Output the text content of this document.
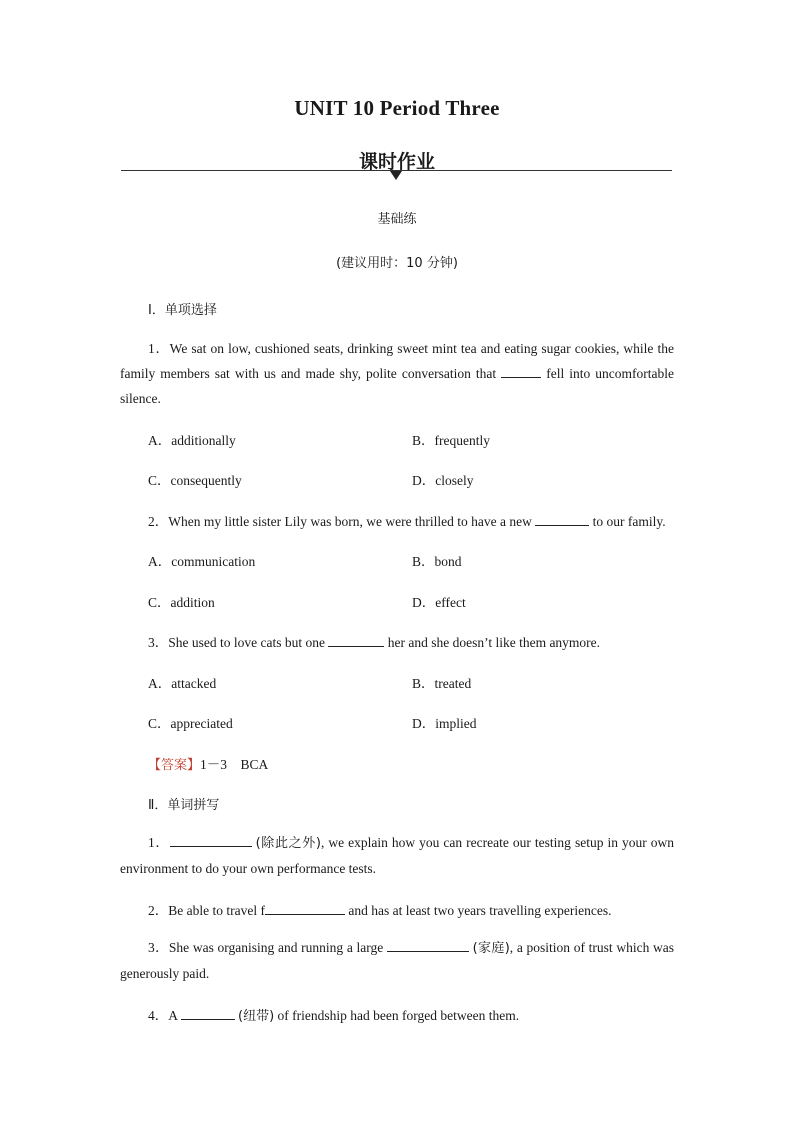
UNIT 10 Period Three
课时作业
基础练
(建议用时：10 分钟)
Ⅰ．单项选择
1．We sat on low, cushioned seats, drinking sweet mint tea and eating sugar cookies, while the family members sat with us and made shy, polite conversation that	fell into uncomfortable silence.
A．additionally	B．frequently
C．consequently	D．closely
2．When my little sister Lily was born, we were thrilled to have a new	to our family.
A．communication	B．bond
C．addition	D．effect
3．She used to love cats but one	her and she doesn’t like them anymore.
A．attacked	B．treated
C．appreciated	D．implied
【答案】1－3　BCA
Ⅱ．单词拼写
1．	(除此之外), we explain how you can recreate our testing setup in your own environment to do your own performance tests.
2．Be able to travel f	and has at least two years travelling experiences.
3．She was organising and running a large	(家庭), a position of trust which was generously paid.
4．A	(纽带) of friendship had been forged between them.
